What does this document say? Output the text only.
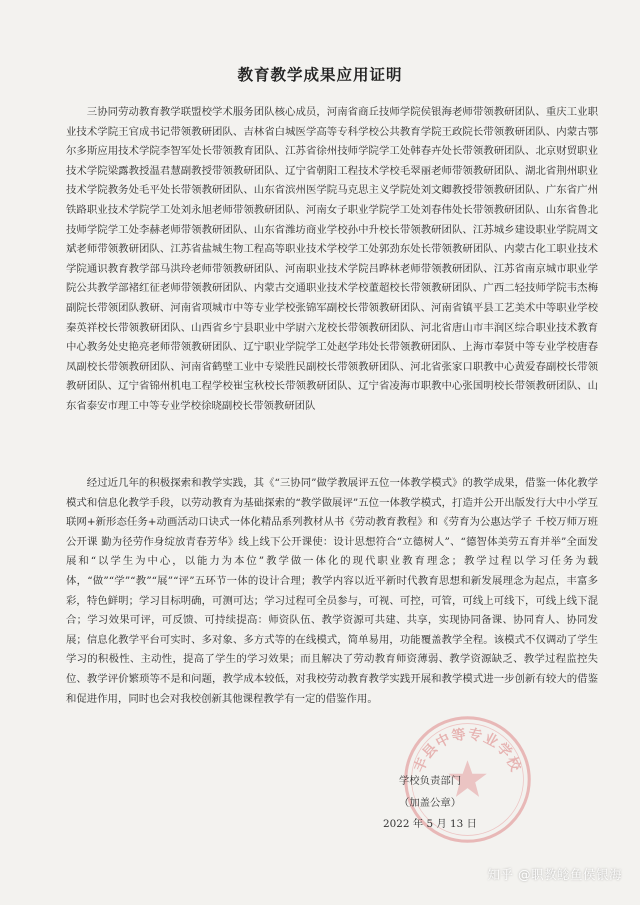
教育教学成果应用证明

三协同劳动教育教学联盟校学术服务团队核心成员，河南省商丘技师学院侯银海老师带领教研团队、重庆工业职业技术学院王官成书记带领教研团队、吉林省白城医学高等专科学校公共教育学院王政院长带领教研团队、内蒙古鄂尔多斯应用技术学院李智军处长带领教育团队、江苏省徐州技师学院学工处韩春卉处长带领教研团队、北京财贸职业技术学院梁露教授温君慧副教授带领教研团队、辽宁省朝阳工程技术学校毛翠丽老师带领教研团队、湖北省荆州职业技术学院教务处毛平处长带领教研团队、山东省滨州医学院马克思主义学院处刘文卿教授带领教研团队、广东省广州铁路职业技术学院学工处刘永旭老师带领教研团队、河南女子职业学院学工处刘春伟处长带领教研团队、山东省鲁北技师学院学工处李赫老师带领教研团队、山东省潍坊商业学校孙中升校长带领教研团队、江苏城乡建设职业学院周文斌老师带领教研团队、江苏省盐城生物工程高等职业技术学校学工处郭劲东处长带领教研团队、内蒙古化工职业技术学院通识教育教学部马洪玲老师带领教研团队、河南职业技术学院吕晔林老师带领教研团队、江苏省南京城市职业学院公共教学部褚红征老师带领教研团队、内蒙古交通职业技术学校董超校长带领教研团队、广西二轻技师学院韦杰梅副院长带领团队教研、河南省项城市中等专业学校张锦军副校长带领教研团队、河南省镇平县工艺美术中等职业学校秦英祥校长带领教研团队、山西省乡宁县职业中学尉六龙校长带领教研团队、河北省唐山市丰润区综合职业技术教育中心教务处史艳亮老师带领教研团队、辽宁职业学院学工处赵学玮处长带领教研团队、上海市奉贤中等专业学校唐春凤副校长带领教研团队、河南省鹤壁工业中专梁胜民副校长带领教研团队、河北省张家口职教中心黄爱春副校长带领教研团队、辽宁省锦州机电工程学校崔宝秋校长带领教研团队、辽宁省凌海市职教中心张国明校长带领教研团队、山东省泰安市理工中等专业学校徐晓副校长带领教研团队

经过近几年的积极探索和教学实践，其《“三协同”做学教展评五位一体教学模式》的教学成果，借鉴一体化教学模式和信息化教学手段，以劳动教育为基础探索的“教学做展评”五位一体教学模式，打造并公开出版发行大中小学互联网+新形态任务+动画活动口诀式一体化精品系列教材从书《劳动教育教程》和《劳育为公惠达学子 千校万师万班公开课 勤为径劳作身绽放青春芳华》线上线下公开课使：设计思想符合“立德树人”、“德智体美劳五育并举”全面发展和“以学生为中心，以能力为本位”教学做一体化的现代职业教育理念；教学过程以学习任务为载体，“做”“学”“教”“展”“评”五环节一体的设计合理；教学内容以近平新时代教育思想和新发展理念为起点，丰富多彩，特色鲜明；学习目标明确，可测可达；学习过程可全员参与，可视、可控，可管，可线上可线下，可线上线下混合；学习效果可评，可反馈、可持续提高：师资队伍、教学资源可共建、共享，实现协同备课、协同育人、协同发展；信息化教学平台可实时、多对象、多方式等的在线模式，简单易用，功能覆盖教学全程。该模式不仅调动了学生学习的积极性、主动性，提高了学生的学习效果；而且解决了劳动教育师资薄弱、教学资源缺乏、教学过程监控失位、教学评价繁琐等不是和问题，教学成本较低，对我校劳动教育教学实践开展和教学模式进一步创新有较大的借鉴和促进作用，同时也会对我校创新其他课程教学有一定的借鉴作用。

丰县中等专业学校
学校负责部门
（加盖公章）
2022 年 5 月 13 日
知乎 @职教鲶鱼侯银海
